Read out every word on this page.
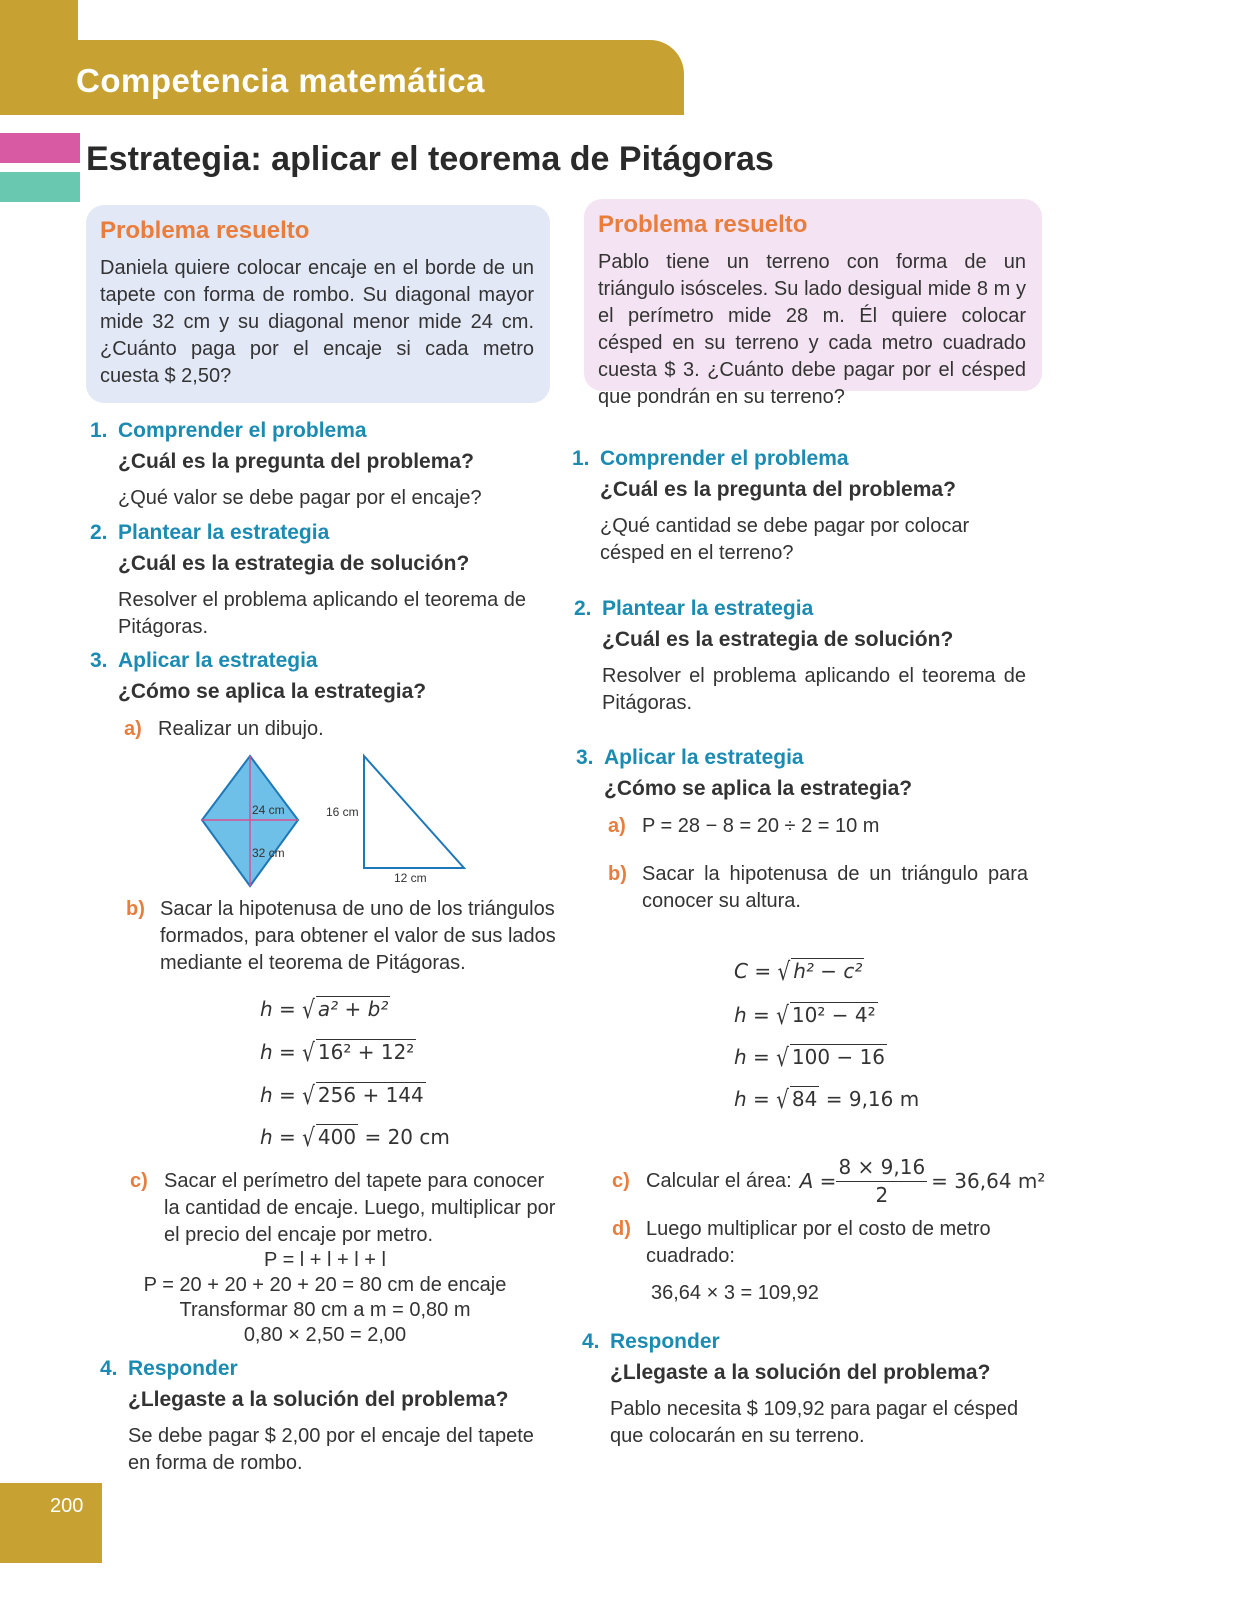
Competencia matemática
Estrategia: aplicar el teorema de Pitágoras
Problema resuelto

Daniela quiere colocar encaje en el borde de un tapete con forma de rombo. Su diagonal mayor mide 32 cm y su diagonal menor mide 24 cm. ¿Cuánto paga por el encaje si cada metro cuesta $ 2,50?

Problema resuelto

Pablo tiene un terreno con forma de un triángulo isósceles. Su lado desigual mide 8 m y el perímetro mide 28 m. Él quiere colocar césped en su terreno y cada metro cuadrado cuesta $ 3. ¿Cuánto debe pagar por el césped que pondrán en su terreno?

1. Comprender el problema
¿Cuál es la pregunta del problema?
¿Qué valor se debe pagar por el encaje?
2. Plantear la estrategia
¿Cuál es la estrategia de solución?
Resolver el problema aplicando el teorema de Pitágoras.
3. Aplicar la estrategia
¿Cómo se aplica la estrategia?
a) Realizar un dibujo.
24 cm
32 cm
16 cm
12 cm
b) Sacar la hipotenusa de uno de los triángulos formados, para obtener el valor de sus lados mediante el teorema de Pitágoras.
h = √ a² + b²
h = √ 16² + 12²
h = √ 256 + 144
h = √ 400 = 20 cm
c) Sacar el perímetro del tapete para conocer la cantidad de encaje. Luego, multiplicar por el precio del encaje por metro.
P = l + l + l + l
P = 20 + 20 + 20 + 20 = 80 cm de encaje
Transformar 80 cm a m = 0,80 m
0,80 × 2,50 = 2,00
4. Responder
¿Llegaste a la solución del problema?
Se debe pagar $ 2,00 por el encaje del tapete en forma de rombo.
1. Comprender el problema
¿Cuál es la pregunta del problema?
¿Qué cantidad se debe pagar por colocar césped en el terreno?
2. Plantear la estrategia
¿Cuál es la estrategia de solución?
Resolver el problema aplicando el teorema de Pitágoras.
3. Aplicar la estrategia
¿Cómo se aplica la estrategia?
a) P = 28 − 8 = 20 ÷ 2 = 10 m
b) Sacar la hipotenusa de un triángulo para conocer su altura.
C = √ h² − c²
h = √ 10² − 4²
h = √ 100 − 16
h = √ 84 = 9,16 m
c) Calcular el área: $A = \frac{8 \times 9,16}{2} = 36,64$ m²
d) Luego multiplicar por el costo de metro cuadrado:
36,64 × 3 = 109,92
4. Responder
¿Llegaste a la solución del problema?
Pablo necesita $ 109,92 para pagar el césped que colocarán en su terreno.
200
